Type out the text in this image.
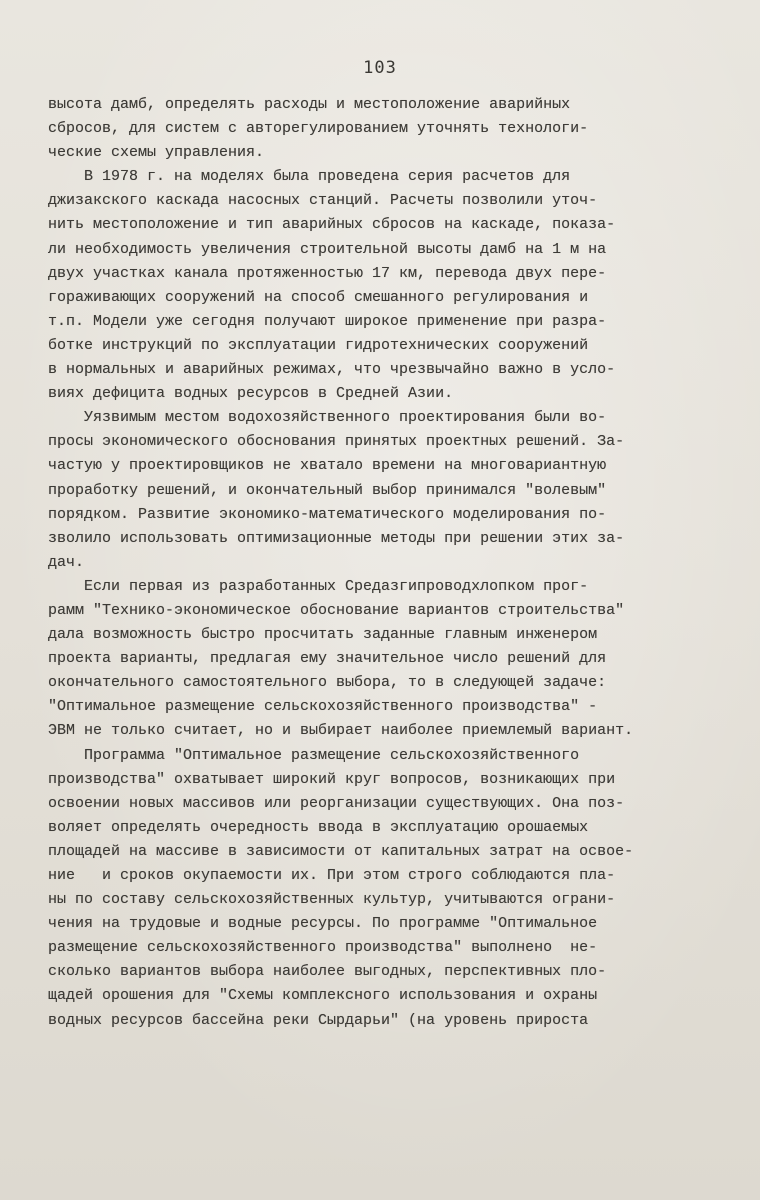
103
высота дамб, определять расходы и местоположение аварийных
сбросов, для систем с авторегулированием уточнять технологи-
ческие схемы управления.
В 1978 г. на моделях была проведена серия расчетов для
джизакского каскада насосных станций. Расчеты позволили уточ-
нить местоположение и тип аварийных сбросов на каскаде, показа-
ли необходимость увеличения строительной высоты дамб на 1 м на
двух участках канала протяженностью 17 км, перевода двух пере-
гораживающих сооружений на способ смешанного регулирования и
т.п. Модели уже сегодня получают широкое применение при разра-
ботке инструкций по эксплуатации гидротехнических сооружений
в нормальных и аварийных режимах, что чрезвычайно важно в усло-
виях дефицита водных ресурсов в Средней Азии.
Уязвимым местом водохозяйственного проектирования были во-
просы экономического обоснования принятых проектных решений. За-
частую у проектировщиков не хватало времени на многовариантную
проработку решений, и окончательный выбор принимался "волевым"
порядком. Развитие экономико-математического моделирования по-
зволило использовать оптимизационные методы при решении этих за-
дач.
Если первая из разработанных Средазгипроводхлопком прог-
рамм "Технико-экономическое обоснование вариантов строительства"
дала возможность быстро просчитать заданные главным инженером
проекта варианты, предлагая ему значительное число решений для
окончательного самостоятельного выбора, то в следующей задаче:
"Оптимальное размещение сельскохозяйственного производства" -
ЭВМ не только считает, но и выбирает наиболее приемлемый вариант.
Программа "Оптимальное размещение сельскохозяйственного
производства" охватывает широкий круг вопросов, возникающих при
освоении новых массивов или реорганизации существующих. Она поз-
воляет определять очередность ввода в эксплуатацию орошаемых
площадей на массиве в зависимости от капитальных затрат на освое-
ние   и сроков окупаемости их. При этом строго соблюдаются пла-
ны по составу сельскохозяйственных культур, учитываются ограни-
чения на трудовые и водные ресурсы. По программе "Оптимальное
размещение сельскохозяйственного производства" выполнено  не-
сколько вариантов выбора наиболее выгодных, перспективных пло-
щадей орошения для "Схемы комплексного использования и охраны
водных ресурсов бассейна реки Сырдарьи" (на уровень прироста
